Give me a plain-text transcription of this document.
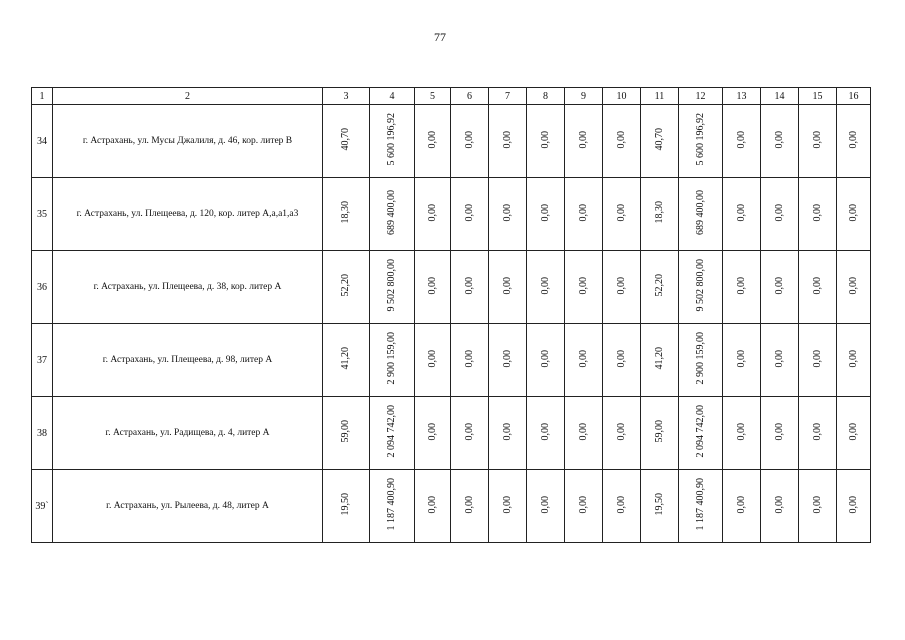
77
1	2	3	4	5	6	7	8	9	10	11	12	13	14	15	16
34	г. Астрахань, ул. Мусы Джалиля, д. 46, кор. литер В	40,70	5 600 196,92	0,00	0,00	0,00	0,00	0,00	0,00	40,70	5 600 196,92	0,00	0,00	0,00	0,00
35	г. Астрахань, ул. Плещеева, д. 120, кор. литер А,а,а1,а3	18,30	689 400,00	0,00	0,00	0,00	0,00	0,00	0,00	18,30	689 400,00	0,00	0,00	0,00	0,00
36	г. Астрахань, ул. Плещеева, д. 38, кор. литер А	52,20	9 502 800,00	0,00	0,00	0,00	0,00	0,00	0,00	52,20	9 502 800,00	0,00	0,00	0,00	0,00
37	г. Астрахань, ул. Плещеева, д. 98, литер А	41,20	2 900 159,00	0,00	0,00	0,00	0,00	0,00	0,00	41,20	2 900 159,00	0,00	0,00	0,00	0,00
38	г. Астрахань, ул. Радищева, д. 4, литер А	59,00	2 094 742,00	0,00	0,00	0,00	0,00	0,00	0,00	59,00	2 094 742,00	0,00	0,00	0,00	0,00
39`	г. Астрахань, ул. Рылеева, д. 48, литер А	19,50	1 187 400,90	0,00	0,00	0,00	0,00	0,00	0,00	19,50	1 187 400,90	0,00	0,00	0,00	0,00
